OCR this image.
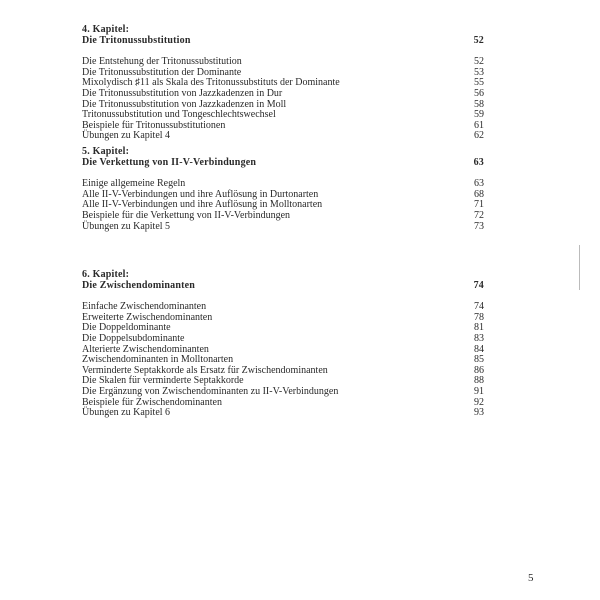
4. Kapitel:
Die Tritonussubstitution	52
Die Entstehung der Tritonussubstitution	52
Die Tritonussubstitution der Dominante	53
Mixolydisch ♯11 als Skala des Tritonussubstituts der Dominante	55
Die Tritonussubstitution von Jazzkadenzen in Dur	56
Die Tritonussubstitution von Jazzkadenzen in Moll	58
Tritonussubstitution und Tongeschlechtswechsel	59
Beispiele für Tritonussubstitutionen	61
Übungen zu Kapitel 4	62
5. Kapitel:
Die Verkettung von II-V-Verbindungen	63
Einige allgemeine Regeln	63
Alle II-V-Verbindungen und ihre Auflösung in Durtonarten	68
Alle II-V-Verbindungen und ihre Auflösung in Molltonarten	71
Beispiele für die Verkettung von II-V-Verbindungen	72
Übungen zu Kapitel 5	73
6. Kapitel:
Die Zwischendominanten	74
Einfache Zwischendominanten	74
Erweiterte Zwischendominanten	78
Die Doppeldominante	81
Die Doppelsubdominante	83
Alterierte Zwischendominanten	84
Zwischendominanten in Molltonarten	85
Verminderte Septakkorde als Ersatz für Zwischendominanten	86
Die Skalen für verminderte Septakkorde	88
Die Ergänzung von Zwischendominanten zu II-V-Verbindungen	91
Beispiele für Zwischendominanten	92
Übungen zu Kapitel 6	93
5
